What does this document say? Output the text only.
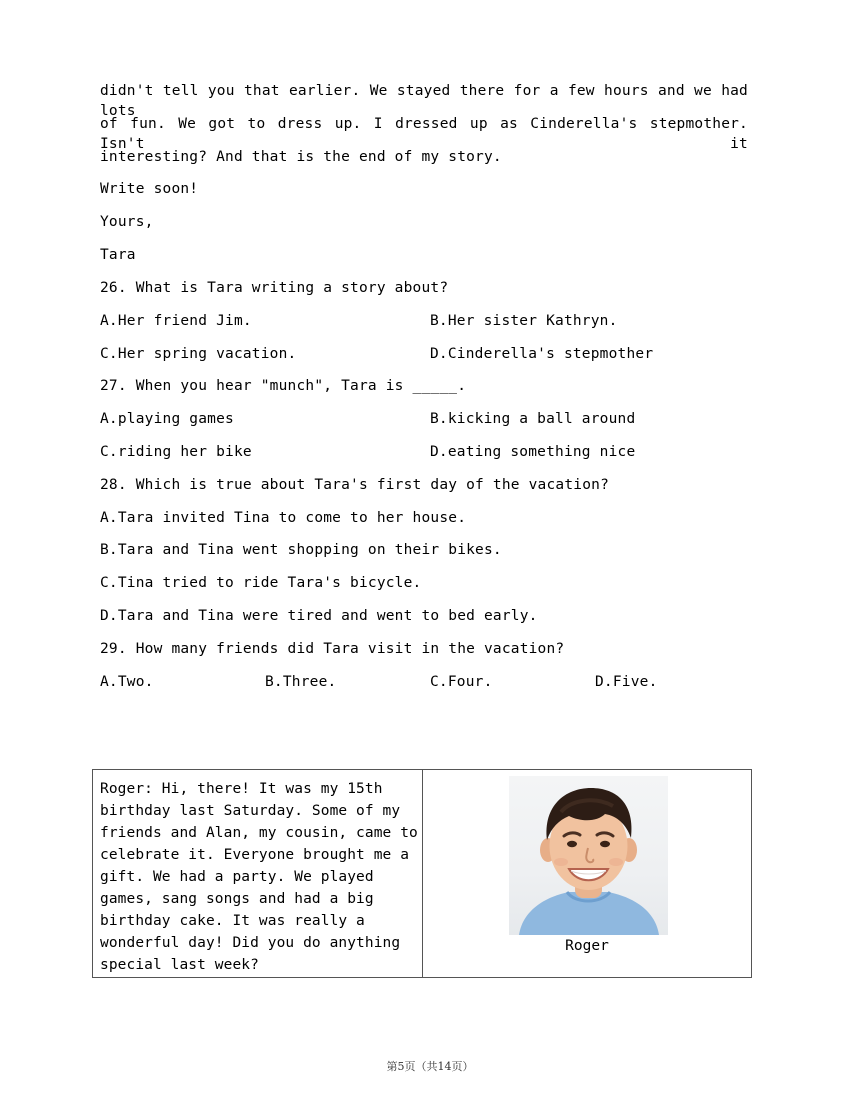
didn't tell you that earlier. We stayed there for a few hours and we had lots
of fun. We got to dress up. I dressed up as Cinderella's stepmother. Isn't it
interesting? And that is the end of my story.
Write soon!
Yours,
Tara
26. What is Tara writing a story about?
A.Her friend Jim.	B.Her sister Kathryn.
C.Her spring vacation.	D.Cinderella's stepmother
27. When you hear "munch", Tara is _____.
A.playing games	B.kicking a ball around
C.riding her bike	D.eating something nice
28. Which is true about Tara's first day of the vacation?
A.Tara invited Tina to come to her house.
B.Tara and Tina went shopping on their bikes.
C.Tina tried to ride Tara's bicycle.
D.Tara and Tina were tired and went to bed early.
29. How many friends did Tara visit in the vacation?
A.Two.	B.Three.	C.Four.	D.Five.

Roger: Hi, there! It was my 15th

birthday last Saturday. Some of my

friends and Alan, my cousin, came to

celebrate it. Everyone brought me a

gift. We had a party. We played

games, sang songs and had a big

birthday cake. It was really a

wonderful day! Did you do anything

special last week?

Roger
第5页（共14页）
